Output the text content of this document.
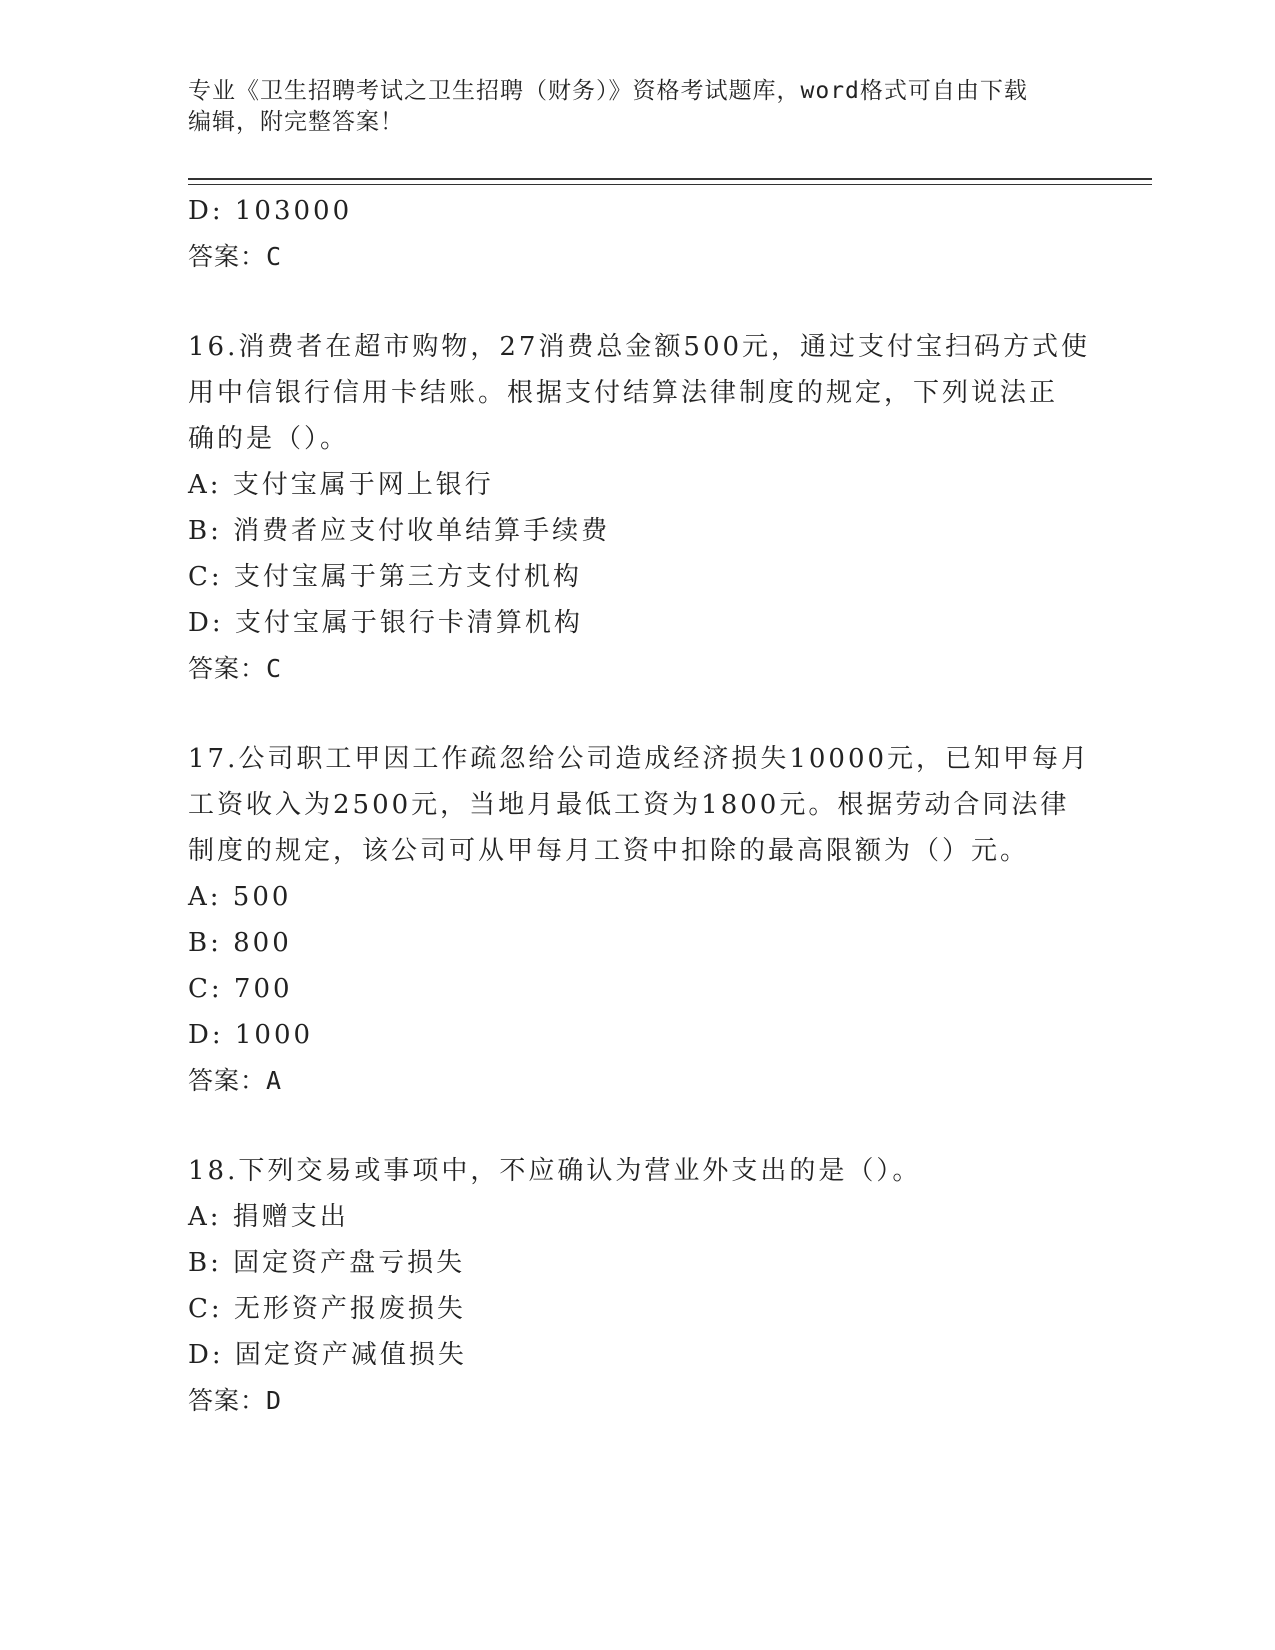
专业《卫生招聘考试之卫生招聘（财务）》资格考试题库，word格式可自由下载
编辑，附完整答案！
D: 103000
答案：C
16.消费者在超市购物，27消费总金额500元，通过支付宝扫码方式使
用中信银行信用卡结账。根据支付结算法律制度的规定，下列说法正
确的是（）。
A: 支付宝属于网上银行
B: 消费者应支付收单结算手续费
C: 支付宝属于第三方支付机构
D: 支付宝属于银行卡清算机构
答案：C
17.公司职工甲因工作疏忽给公司造成经济损失10000元，已知甲每月
工资收入为2500元，当地月最低工资为1800元。根据劳动合同法律
制度的规定，该公司可从甲每月工资中扣除的最高限额为（）元。
A: 500
B: 800
C: 700
D: 1000
答案：A
18.下列交易或事项中，不应确认为营业外支出的是（）。
A: 捐赠支出
B: 固定资产盘亏损失
C: 无形资产报废损失
D: 固定资产减值损失
答案：D
